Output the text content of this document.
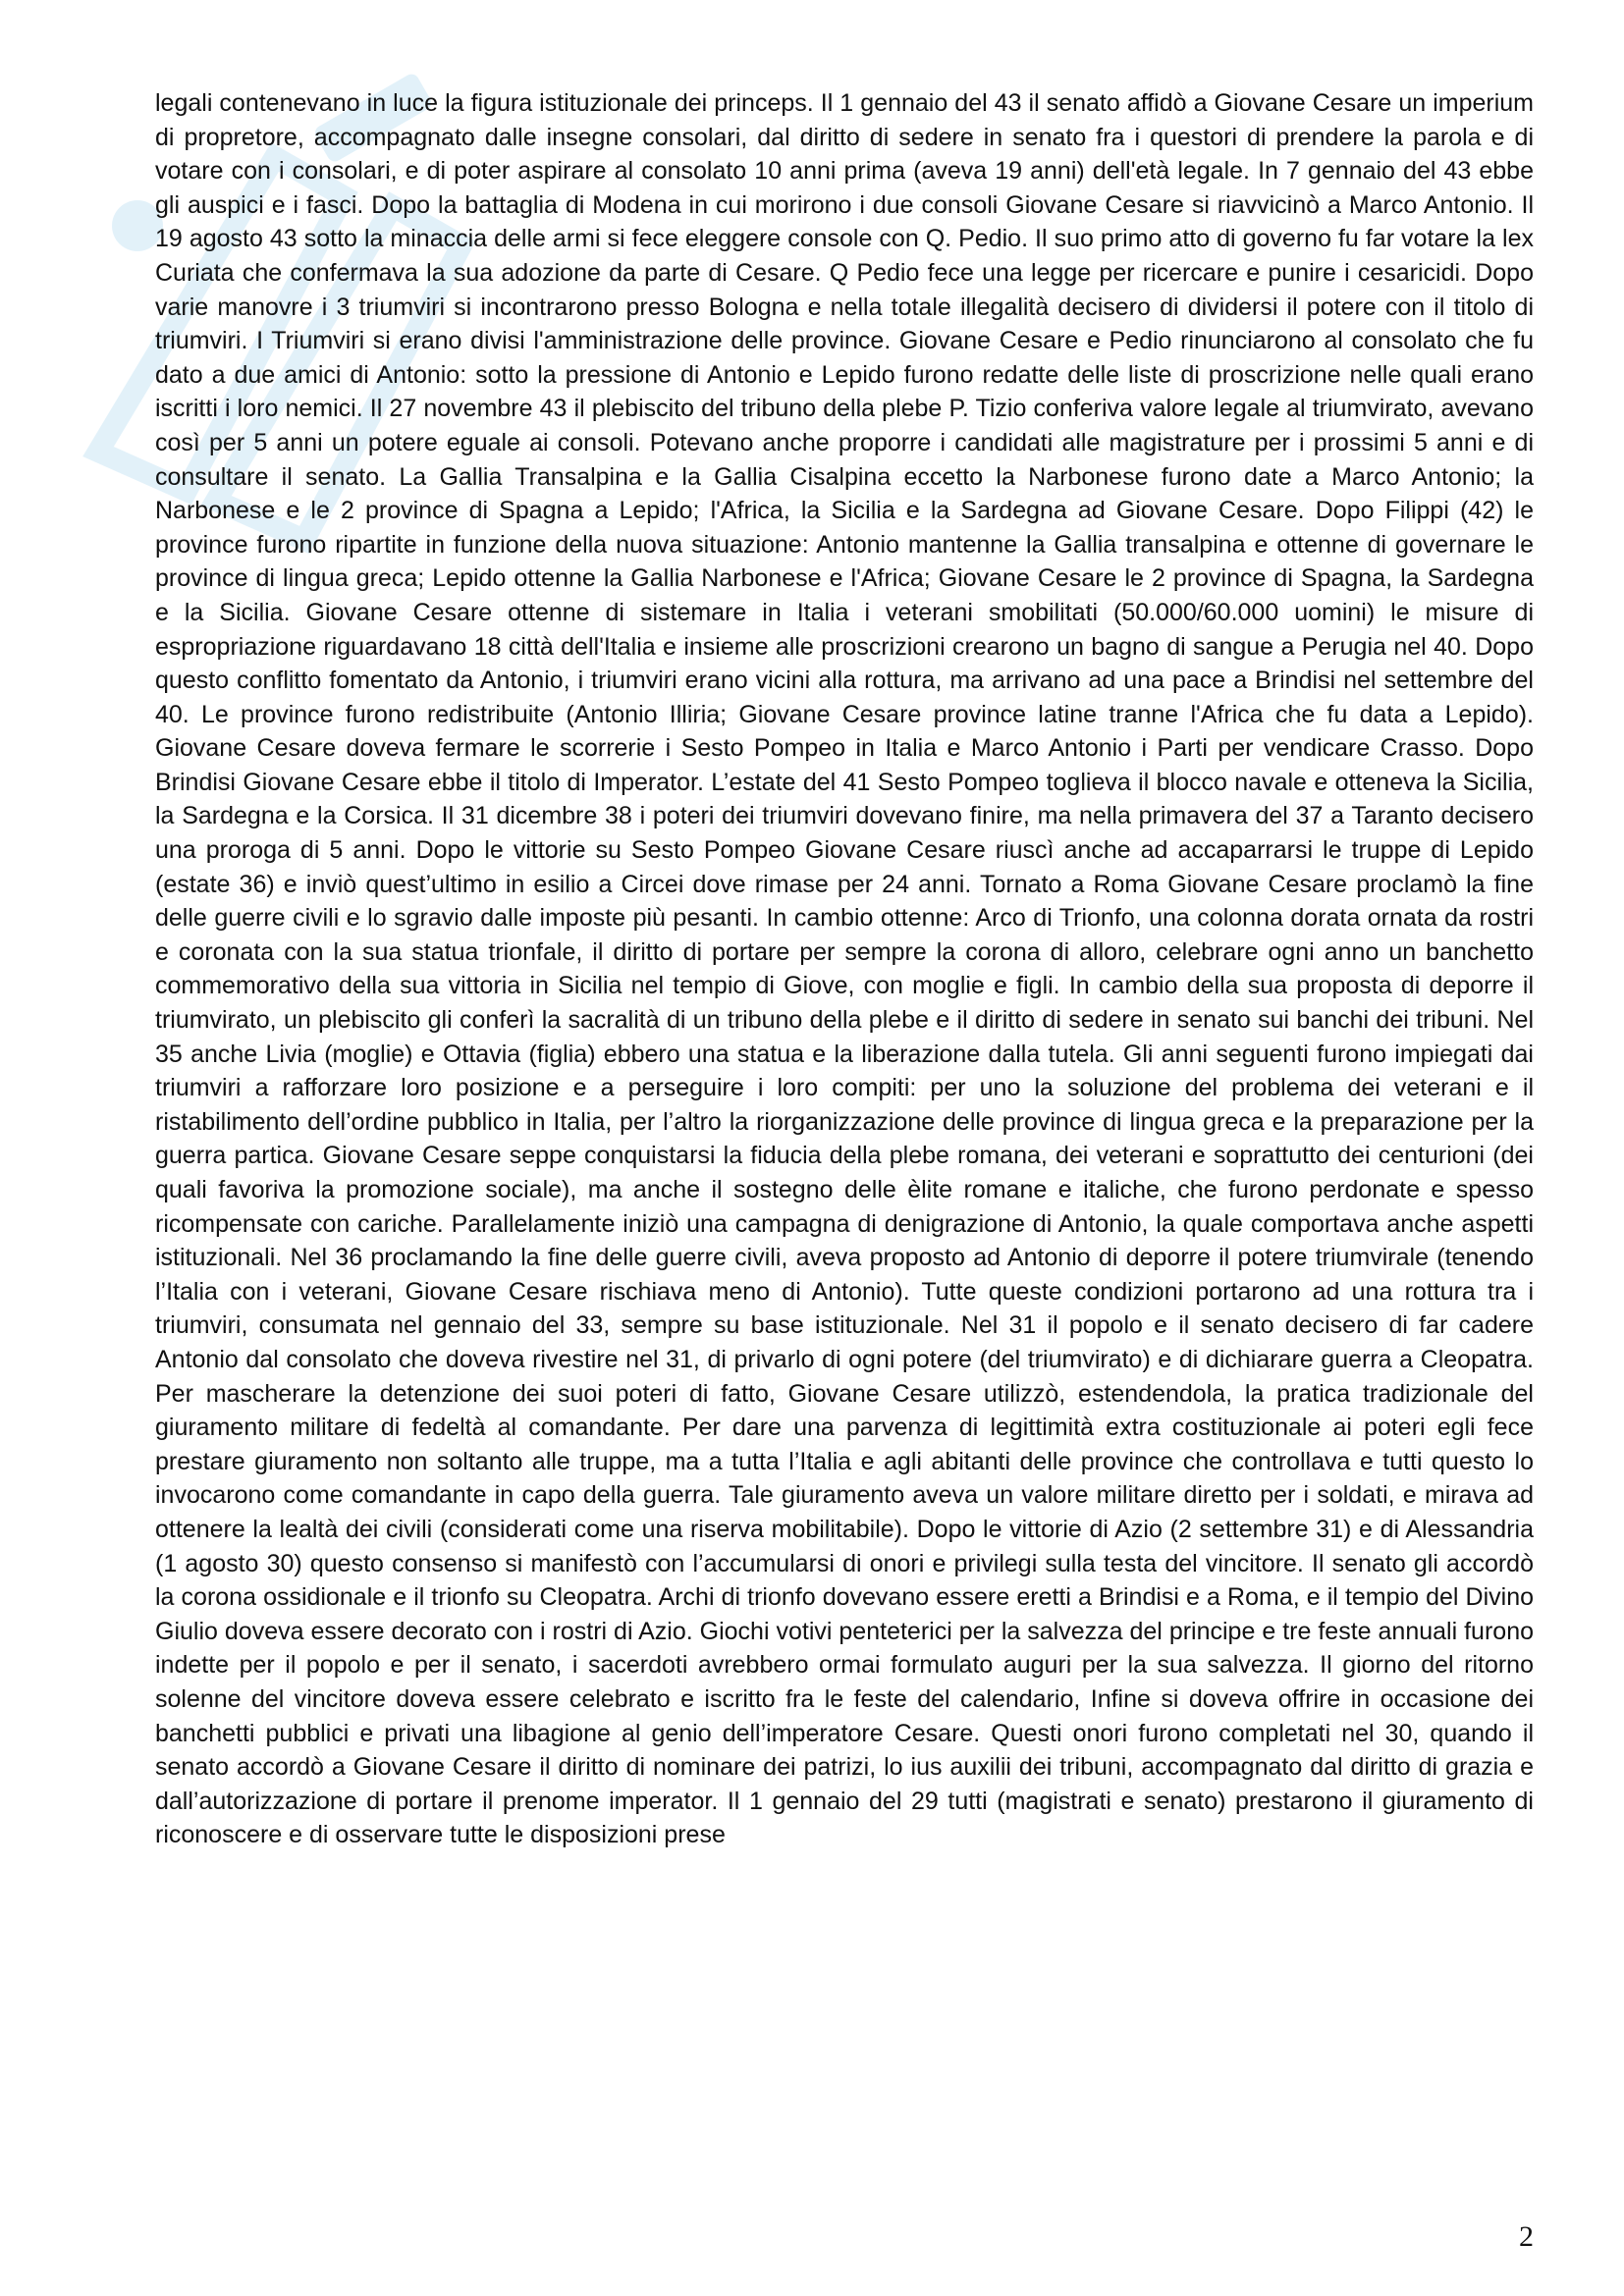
legali contenevano in luce la figura istituzionale dei princeps. Il 1 gennaio del 43 il senato affidò a Giovane Cesare un imperium di propretore, accompagnato dalle insegne consolari, dal diritto di sedere in senato fra i questori di prendere la parola e di votare con i consolari, e di poter aspirare al consolato 10 anni prima (aveva 19 anni) dell'età legale. In 7 gennaio del 43 ebbe gli auspici e i fasci. Dopo la battaglia di Modena in cui morirono i due consoli Giovane Cesare si riavvicinò a Marco Antonio. Il 19 agosto 43 sotto la minaccia delle armi si fece eleggere console con Q. Pedio. Il suo primo atto di governo fu far votare la lex Curiata che confermava la sua adozione da parte di Cesare. Q Pedio fece una legge per ricercare e punire i cesaricidi. Dopo varie manovre i 3 triumviri si incontrarono presso Bologna e nella totale illegalità decisero di dividersi il potere con il titolo di triumviri. I Triumviri si erano divisi l'amministrazione delle province. Giovane Cesare e Pedio rinunciarono al consolato che fu dato a due amici di Antonio: sotto la pressione di Antonio e Lepido furono redatte delle liste di proscrizione nelle quali erano iscritti i loro nemici. Il 27 novembre 43 il plebiscito del tribuno della plebe P. Tizio conferiva valore legale al triumvirato, avevano così per 5 anni un potere eguale ai consoli. Potevano anche proporre i candidati alle magistrature per i prossimi 5 anni e di consultare il senato. La Gallia Transalpina e la Gallia Cisalpina eccetto la Narbonese furono date a Marco Antonio; la Narbonese e le 2 province di Spagna a Lepido; l'Africa, la Sicilia e la Sardegna ad Giovane Cesare. Dopo Filippi (42) le province furono ripartite in funzione della nuova situazione: Antonio mantenne la Gallia transalpina e ottenne di governare le province di lingua greca; Lepido ottenne la Gallia Narbonese e l'Africa; Giovane Cesare le 2 province di Spagna, la Sardegna e la Sicilia. Giovane Cesare ottenne di sistemare in Italia i veterani smobilitati (50.000/60.000 uomini) le misure di espropriazione riguardavano 18 città dell'Italia e insieme alle proscrizioni crearono un bagno di sangue a Perugia nel 40. Dopo questo conflitto fomentato da Antonio, i triumviri erano vicini alla rottura, ma arrivano ad una pace a Brindisi nel settembre del 40. Le province furono redistribuite (Antonio Illiria; Giovane Cesare province latine tranne l'Africa che fu data a Lepido). Giovane Cesare doveva fermare le scorrerie i Sesto Pompeo in Italia e Marco Antonio i Parti per vendicare Crasso. Dopo Brindisi Giovane Cesare ebbe il titolo di Imperator. L’estate del 41 Sesto Pompeo toglieva il blocco navale e otteneva la Sicilia, la Sardegna e la Corsica. Il 31 dicembre 38 i poteri dei triumviri dovevano finire, ma nella primavera del 37 a Taranto decisero una proroga di 5 anni. Dopo le vittorie su Sesto Pompeo Giovane Cesare riuscì anche ad accaparrarsi le truppe di Lepido (estate 36) e inviò quest’ultimo in esilio a Circei dove rimase per 24 anni. Tornato a Roma Giovane Cesare proclamò la fine delle guerre civili e lo sgravio dalle imposte più pesanti. In cambio ottenne: Arco di Trionfo, una colonna dorata ornata da rostri e coronata con la sua statua trionfale, il diritto di portare per sempre la corona di alloro, celebrare ogni anno un banchetto commemorativo della sua vittoria in Sicilia nel tempio di Giove, con moglie e figli. In cambio della sua proposta di deporre il triumvirato, un plebiscito gli conferì la sacralità di un tribuno della plebe e il diritto di sedere in senato sui banchi dei tribuni. Nel 35 anche Livia (moglie) e Ottavia (figlia) ebbero una statua e la liberazione dalla tutela. Gli anni seguenti furono impiegati dai triumviri a rafforzare loro posizione e a perseguire i loro compiti: per uno la soluzione del problema dei veterani e il ristabilimento dell’ordine pubblico in Italia, per l’altro la riorganizzazione delle province di lingua greca e la preparazione per la guerra partica. Giovane Cesare seppe conquistarsi la fiducia della plebe romana, dei veterani e soprattutto dei centurioni (dei quali favoriva la promozione sociale), ma anche il sostegno delle èlite romane e italiche, che furono perdonate e spesso ricompensate con cariche. Parallelamente iniziò una campagna di denigrazione di Antonio, la quale comportava anche aspetti istituzionali. Nel 36 proclamando la fine delle guerre civili, aveva proposto ad Antonio di deporre il potere triumvirale (tenendo l’Italia con i veterani, Giovane Cesare rischiava meno di Antonio). Tutte queste condizioni portarono ad una rottura tra i triumviri, consumata nel gennaio del 33, sempre su base istituzionale. Nel 31 il popolo e il senato decisero di far cadere Antonio dal consolato che doveva rivestire nel 31, di privarlo di ogni potere (del triumvirato) e di dichiarare guerra a Cleopatra. Per mascherare la detenzione dei suoi poteri di fatto, Giovane Cesare utilizzò, estendendola, la pratica tradizionale del giuramento militare di fedeltà al comandante. Per dare una parvenza di legittimità extra costituzionale ai poteri egli fece prestare giuramento non soltanto alle truppe, ma a tutta l’Italia e agli abitanti delle province che controllava e tutti questo lo invocarono come comandante in capo della guerra. Tale giuramento aveva un valore militare diretto per i soldati, e mirava ad ottenere la lealtà dei civili (considerati come una riserva mobilitabile). Dopo le vittorie di Azio (2 settembre 31) e di Alessandria (1 agosto 30) questo consenso si manifestò con l’accumularsi di onori e privilegi sulla testa del vincitore. Il senato gli accordò la corona ossidionale e il trionfo su Cleopatra. Archi di trionfo dovevano essere eretti a Brindisi e a Roma, e il tempio del Divino Giulio doveva essere decorato con i rostri di Azio. Giochi votivi penteterici per la salvezza del principe e tre feste annuali furono indette per il popolo e per il senato, i sacerdoti avrebbero ormai formulato auguri per la sua salvezza. Il giorno del ritorno solenne del vincitore doveva essere celebrato e iscritto fra le feste del calendario, Infine si doveva offrire in occasione dei banchetti pubblici e privati una libagione al genio dell’imperatore Cesare. Questi onori furono completati nel 30, quando il senato accordò a Giovane Cesare il diritto di nominare dei patrizi, lo ius auxilii dei tribuni, accompagnato dal diritto di grazia e dall’autorizzazione di portare il prenome imperator. Il 1 gennaio del 29 tutti (magistrati e senato) prestarono il giuramento di riconoscere e di osservare tutte le disposizioni prese

2
